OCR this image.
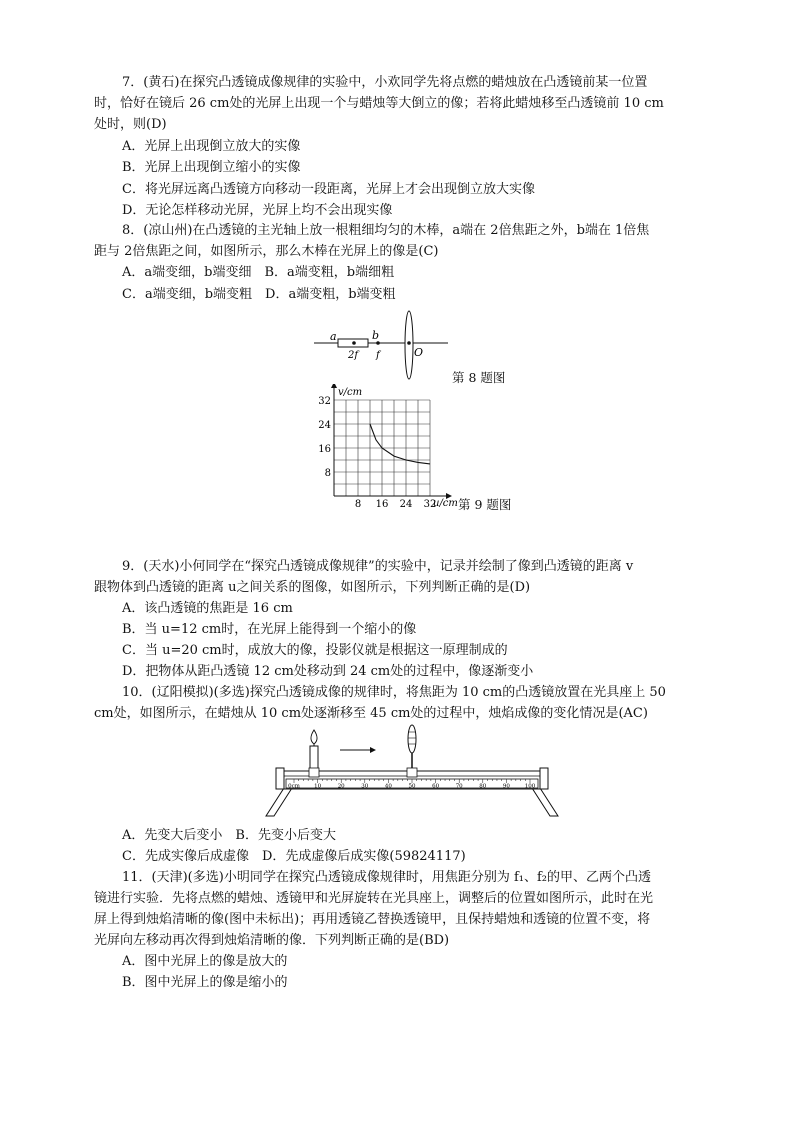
7．(黄石)在探究凸透镜成像规律的实验中，小欢同学先将点燃的蜡烛放在凸透镜前某一位置
时，恰好在镜后 26 cm处的光屏上出现一个与蜡烛等大倒立的像；若将此蜡烛移至凸透镜前 10 cm
处时，则(D)
A．光屏上出现倒立放大的实像
B．光屏上出现倒立缩小的实像
C．将光屏远离凸透镜方向移动一段距离，光屏上才会出现倒立放大实像
D．无论怎样移动光屏，光屏上均不会出现实像
8．(凉山州)在凸透镜的主光轴上放一根粗细均匀的木棒，a端在 2倍焦距之外，b端在 1倍焦
距与 2倍焦距之间，如图所示，那么木棒在光屏上的像是(C)
A．a端变细，b端变细　B．a端变粗，b端细粗
C．a端变细，b端变粗　D．a端变粗，b端变粗
a	b
2f f	O
第 8 题图
8 16 24 32
8
16
24
32
v/cm
u/cm 第 9 题图
9．(天水)小何同学在“探究凸透镜成像规律”的实验中，记录并绘制了像到凸透镜的距离 v
跟物体到凸透镜的距离 u之间关系的图像，如图所示，下列判断正确的是(D)
A．该凸透镜的焦距是 16 cm
B．当 u=12 cm时，在光屏上能得到一个缩小的像
C．当 u=20 cm时，成放大的像，投影仪就是根据这一原理制成的
D．把物体从距凸透镜 12 cm处移动到 24 cm处的过程中，像逐渐变小
10．(辽阳模拟)(多选)探究凸透镜成像的规律时，将焦距为 10 cm的凸透镜放置在光具座上 50
cm处，如图所示，在蜡烛从 10 cm处逐渐移至 45 cm处的过程中，烛焰成像的变化情况是(AC)
0cm	10	20	30	40	50	60	70	80	90	100
A．先变大后变小　B．先变小后变大
C．先成实像后成虚像　D．先成虚像后成实像(59824117)
11．(天津)(多选)小明同学在探究凸透镜成像规律时，用焦距分别为 f₁、f₂的甲、乙两个凸透
镜进行实验．先将点燃的蜡烛、透镜甲和光屏旋转在光具座上，调整后的位置如图所示，此时在光
屏上得到烛焰清晰的像(图中未标出)；再用透镜乙替换透镜甲，且保持蜡烛和透镜的位置不变，将
光屏向左移动再次得到烛焰清晰的像．下列判断正确的是(BD)
A．图中光屏上的像是放大的
B．图中光屏上的像是缩小的
